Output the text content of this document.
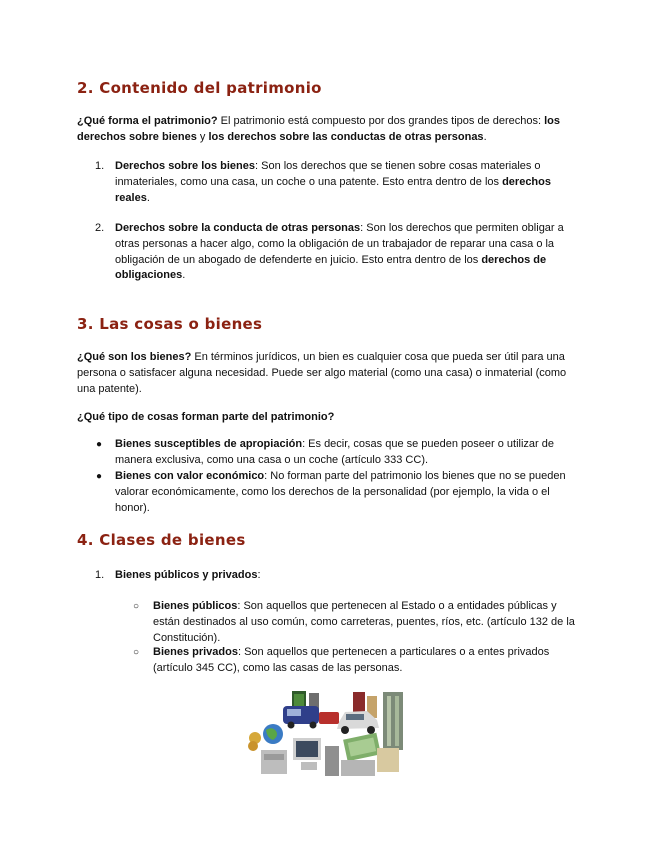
2. Contenido del patrimonio

¿Qué forma el patrimonio? El patrimonio está compuesto por dos grandes tipos de derechos: los derechos sobre bienes y los derechos sobre las conductas de otras personas.

1. Derechos sobre los bienes: Son los derechos que se tienen sobre cosas materiales o inmateriales, como una casa, un coche o una patente. Esto entra dentro de los derechos reales.
2. Derechos sobre la conducta de otras personas: Son los derechos que permiten obligar a otras personas a hacer algo, como la obligación de un trabajador de reparar una casa o la obligación de un abogado de defenderte en juicio. Esto entra dentro de los derechos de obligaciones.
3. Las cosas o bienes

¿Qué son los bienes? En términos jurídicos, un bien es cualquier cosa que pueda ser útil para una persona o satisfacer alguna necesidad. Puede ser algo material (como una casa) o inmaterial (como una patente).

¿Qué tipo de cosas forman parte del patrimonio?

● Bienes susceptibles de apropiación: Es decir, cosas que se pueden poseer o utilizar de manera exclusiva, como una casa o un coche (artículo 333 CC).
● Bienes con valor económico: No forman parte del patrimonio los bienes que no se pueden valorar económicamente, como los derechos de la personalidad (por ejemplo, la vida o el honor).
4. Clases de bienes
1. Bienes públicos y privados:
○ Bienes públicos: Son aquellos que pertenecen al Estado o a entidades públicas y están destinados al uso común, como carreteras, puentes, ríos, etc. (artículo 132 de la Constitución).
○ Bienes privados: Son aquellos que pertenecen a particulares o a entes privados (artículo 345 CC), como las casas de las personas.
